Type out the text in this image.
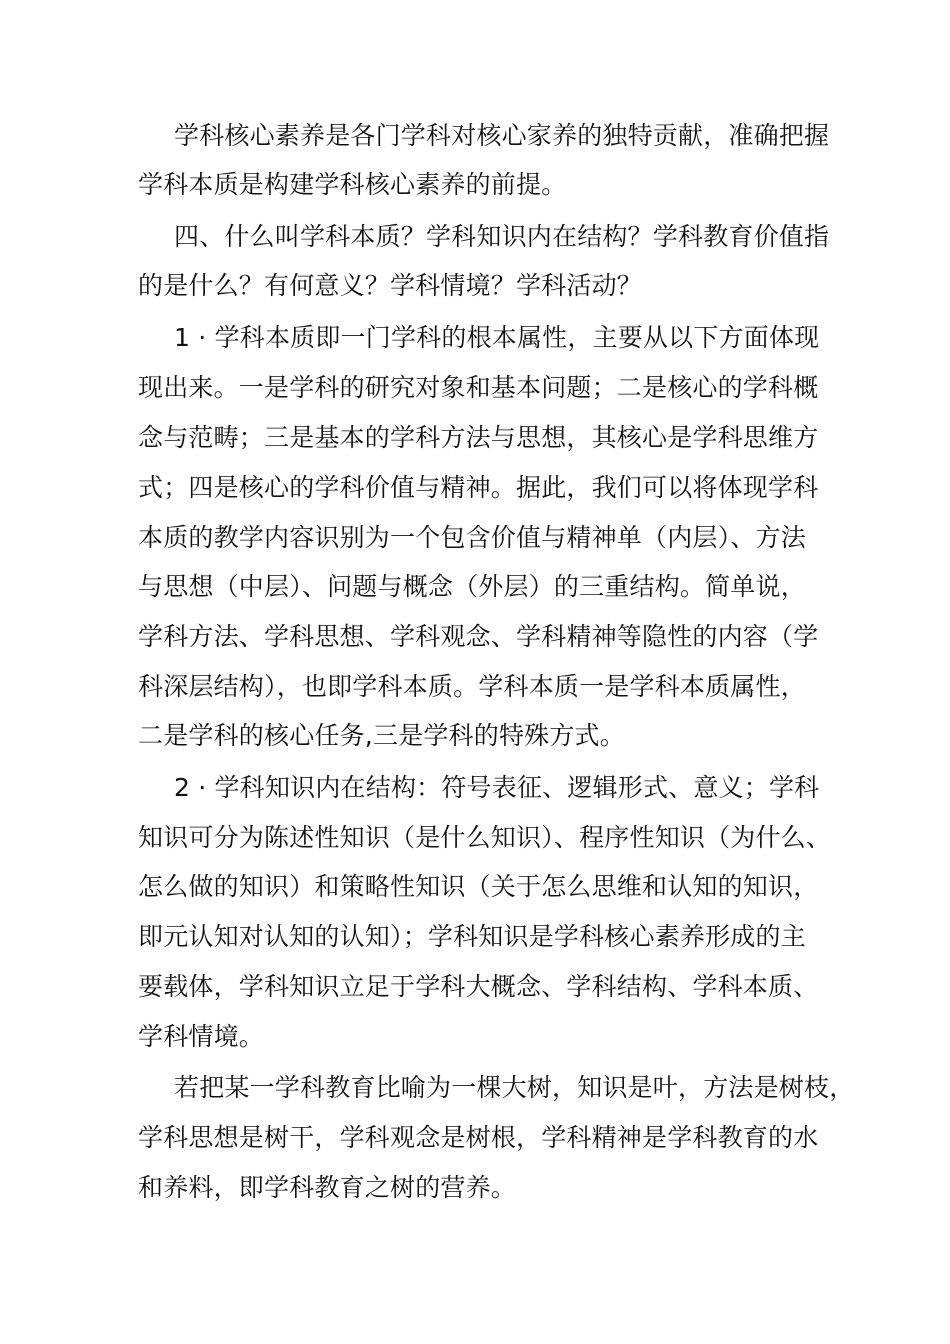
学科核心素养是各门学科对核心家养的独特贡献，准确把握

学科本质是构建学科核心素养的前提。

四、什么叫学科本质？学科知识内在结构？学科教育价值指

的是什么？有何意义？学科情境？学科活动？

1 · 学科本质即一门学科的根本属性，主要从以下方面体现

现出来。一是学科的研究对象和基本问题；二是核心的学科概

念与范畴；三是基本的学科方法与思想，其核心是学科思维方

式；四是核心的学科价值与精神。据此，我们可以将体现学科

本质的教学内容识别为一个包含价值与精神单（内层）、方法

与思想（中层）、问题与概念（外层）的三重结构。简单说，

学科方法、学科思想、学科观念、学科精神等隐性的内容（学

科深层结构），也即学科本质。学科本质一是学科本质属性，

二是学科的核心任务,三是学科的特殊方式。

2 · 学科知识内在结构：符号表征、逻辑形式、意义；学科

知识可分为陈述性知识（是什么知识）、程序性知识（为什么、

怎么做的知识）和策略性知识（关于怎么思维和认知的知识，

即元认知对认知的认知）；学科知识是学科核心素养形成的主

要载体，学科知识立足于学科大概念、学科结构、学科本质、

学科情境。

若把某一学科教育比喻为一棵大树，知识是叶，方法是树枝，

学科思想是树干，学科观念是树根，学科精神是学科教育的水

和养料，即学科教育之树的营养。
